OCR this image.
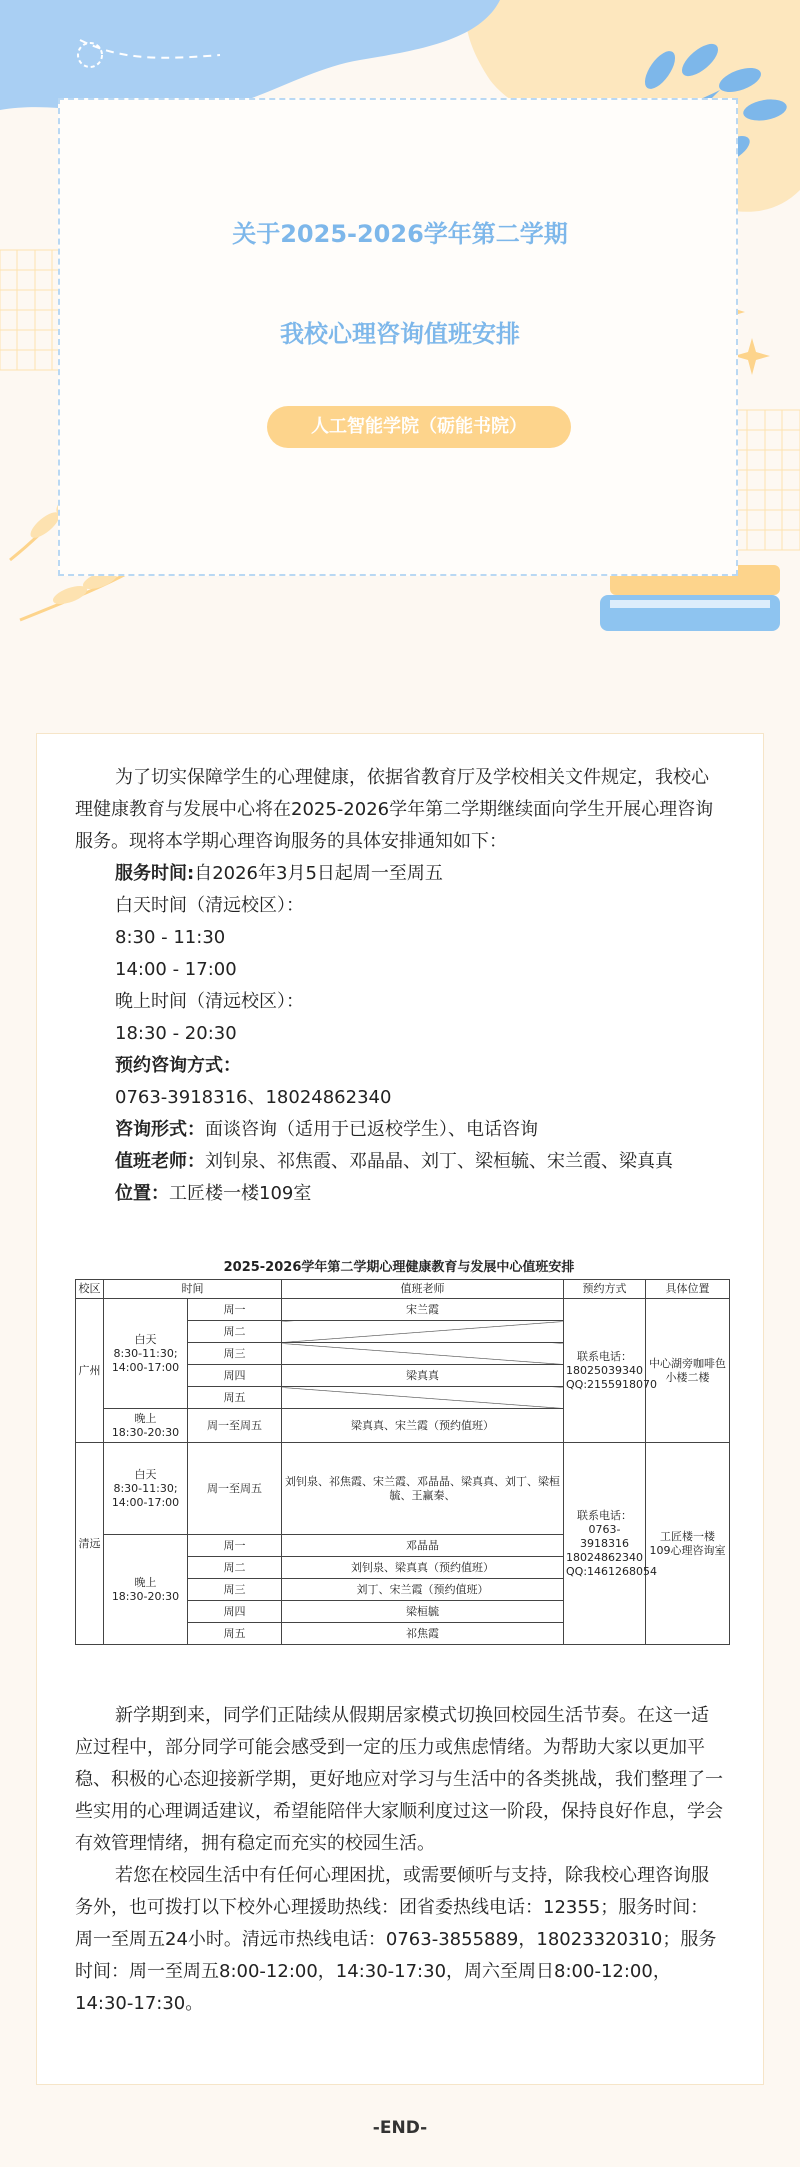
关于2025-2026学年第二学期
我校心理咨询值班安排
人工智能学院（砺能书院）

为了切实保障学生的心理健康，依据省教育厅及学校相关文件规定，我校心理健康教育与发展中心将在2025-2026学年第二学期继续面向学生开展心理咨询服务。现将本学期心理咨询服务的具体安排通知如下：

服务时间:自2026年3月5日起周一至周五

白天时间（清远校区）：

8:30 - 11:30

14:00 - 17:00

晚上时间（清远校区）：

18:30 - 20:30

预约咨询方式：

0763-3918316、18024862340

咨询形式：面谈咨询（适用于已返校学生）、电话咨询

值班老师：刘钊泉、祁焦霞、邓晶晶、刘丁、梁桓毓、宋兰霞、梁真真

位置：工匠楼一楼109室

2025-2026学年第二学期心理健康教育与发展中心值班安排
校区	时间		值班老师	预约方式	具体位置
广州	白天
8:30-11:30;
14:00-17:00	周一	宋兰霞	联系电话：
18025039340
QQ:2155918070	中心湖旁咖啡色小楼二楼
		周二			
		周三			
		周四	梁真真		
		周五			
	晚上
18:30-20:30	周一至周五	梁真真、宋兰霞（预约值班）		
清远	白天
8:30-11:30;
14:00-17:00	周一至周五	刘钊泉、祁焦霞、宋兰霞、邓晶晶、梁真真、刘丁、梁桓毓、王赢秦、	联系电话：
0763-3918316
18024862340
QQ:1461268054	工匠楼一楼
109心理咨询室
	晚上
18:30-20:30	周一	邓晶晶		
		周二	刘钊泉、梁真真（预约值班）		
		周三	刘丁、宋兰霞（预约值班）		
		周四	梁桓毓		
		周五	祁焦霞		

新学期到来，同学们正陆续从假期居家模式切换回校园生活节奏。在这一适应过程中，部分同学可能会感受到一定的压力或焦虑情绪。为帮助大家以更加平稳、积极的心态迎接新学期，更好地应对学习与生活中的各类挑战，我们整理了一些实用的心理调适建议，希望能陪伴大家顺利度过这一阶段，保持良好作息，学会有效管理情绪，拥有稳定而充实的校园生活。

若您在校园生活中有任何心理困扰，或需要倾听与支持，除我校心理咨询服务外，也可拨打以下校外心理援助热线：团省委热线电话：12355；服务时间：周一至周五24小时。清远市热线电话：0763-3855889，18023320310；服务时间：周一至周五8:00-12:00，14:30-17:30，周六至周日8:00-12:00，14:30-17:30。

-END-
